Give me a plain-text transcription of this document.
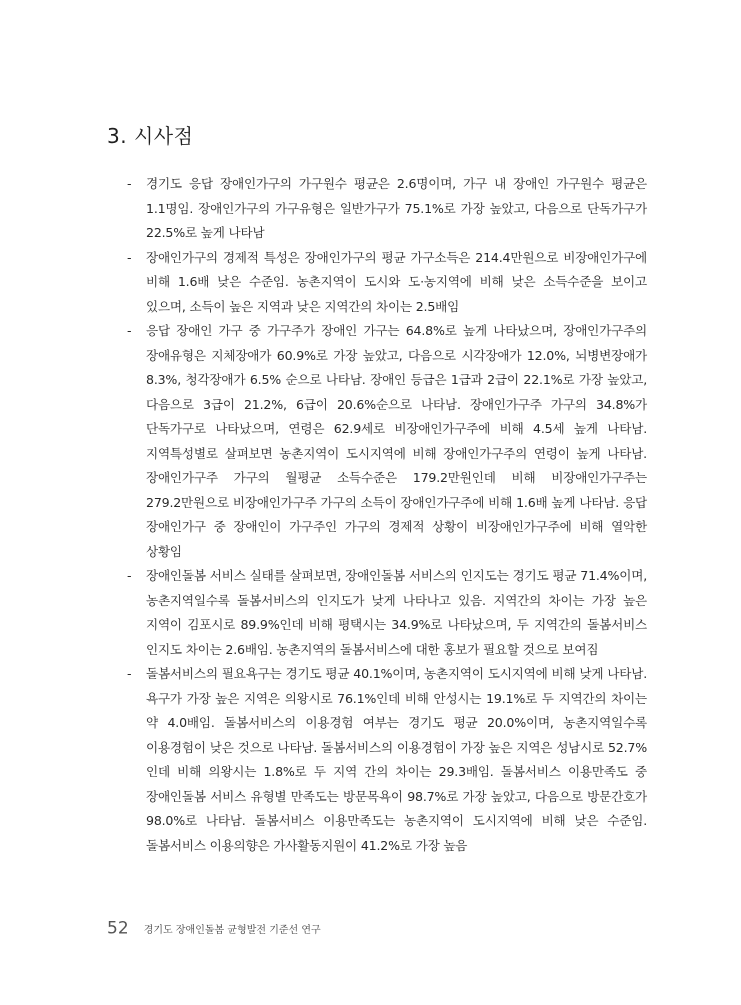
3. 시사점
- 경기도 응답 장애인가구의 가구원수 평균은 2.6명이며, 가구 내 장애인 가구원수 평균은 1.1명임. 장애인가구의 가구유형은 일반가구가 75.1%로 가장 높았고, 다음으로 단독가구가 22.5%로 높게 나타남
- 장애인가구의 경제적 특성은 장애인가구의 평균 가구소득은 214.4만원으로 비장애인가구에 비해 1.6배 낮은 수준임. 농촌지역이 도시와 도·농지역에 비해 낮은 소득수준을 보이고 있으며, 소득이 높은 지역과 낮은 지역간의 차이는 2.5배임
- 응답 장애인 가구 중 가구주가 장애인 가구는 64.8%로 높게 나타났으며, 장애인가구주의 장애유형은 지체장애가 60.9%로 가장 높았고, 다음으로 시각장애가 12.0%, 뇌병변장애가 8.3%, 청각장애가 6.5% 순으로 나타남. 장애인 등급은 1급과 2급이 22.1%로 가장 높았고, 다음으로 3급이 21.2%, 6급이 20.6%순으로 나타남. 장애인가구주 가구의 34.8%가 단독가구로 나타났으며, 연령은 62.9세로 비장애인가구주에 비해 4.5세 높게 나타남. 지역특성별로 살펴보면 농촌지역이 도시지역에 비해 장애인가구주의 연령이 높게 나타남. 장애인가구주 가구의 월평균 소득수준은 179.2만원인데 비해 비장애인가구주는 279.2만원으로 비장애인가구주 가구의 소득이 장애인가구주에 비해 1.6배 높게 나타남. 응답 장애인가구 중 장애인이 가구주인 가구의 경제적 상황이 비장애인가구주에 비해 열악한 상황임
- 장애인돌봄 서비스 실태를 살펴보면, 장애인돌봄 서비스의 인지도는 경기도 평균 71.4%이며, 농촌지역일수록 돌봄서비스의 인지도가 낮게 나타나고 있음. 지역간의 차이는 가장 높은 지역이 김포시로 89.9%인데 비해 평택시는 34.9%로 나타났으며, 두 지역간의 돌봄서비스 인지도 차이는 2.6배임. 농촌지역의 돌봄서비스에 대한 홍보가 필요할 것으로 보여짐
- 돌봄서비스의 필요욕구는 경기도 평균 40.1%이며, 농촌지역이 도시지역에 비해 낮게 나타남. 욕구가 가장 높은 지역은 의왕시로 76.1%인데 비해 안성시는 19.1%로 두 지역간의 차이는 약 4.0배임. 돌봄서비스의 이용경험 여부는 경기도 평균 20.0%이며, 농촌지역일수록 이용경험이 낮은 것으로 나타남. 돌봄서비스의 이용경험이 가장 높은 지역은 성남시로 52.7%인데 비해 의왕시는 1.8%로 두 지역 간의 차이는 29.3배임. 돌봄서비스 이용만족도 중 장애인돌봄 서비스 유형별 만족도는 방문목욕이 98.7%로 가장 높았고, 다음으로 방문간호가 98.0%로 나타남. 돌봄서비스 이용만족도는 농촌지역이 도시지역에 비해 낮은 수준임. 돌봄서비스 이용의향은 가사활동지원이 41.2%로 가장 높음
52 경기도 장애인돌봄 균형발전 기준선 연구
